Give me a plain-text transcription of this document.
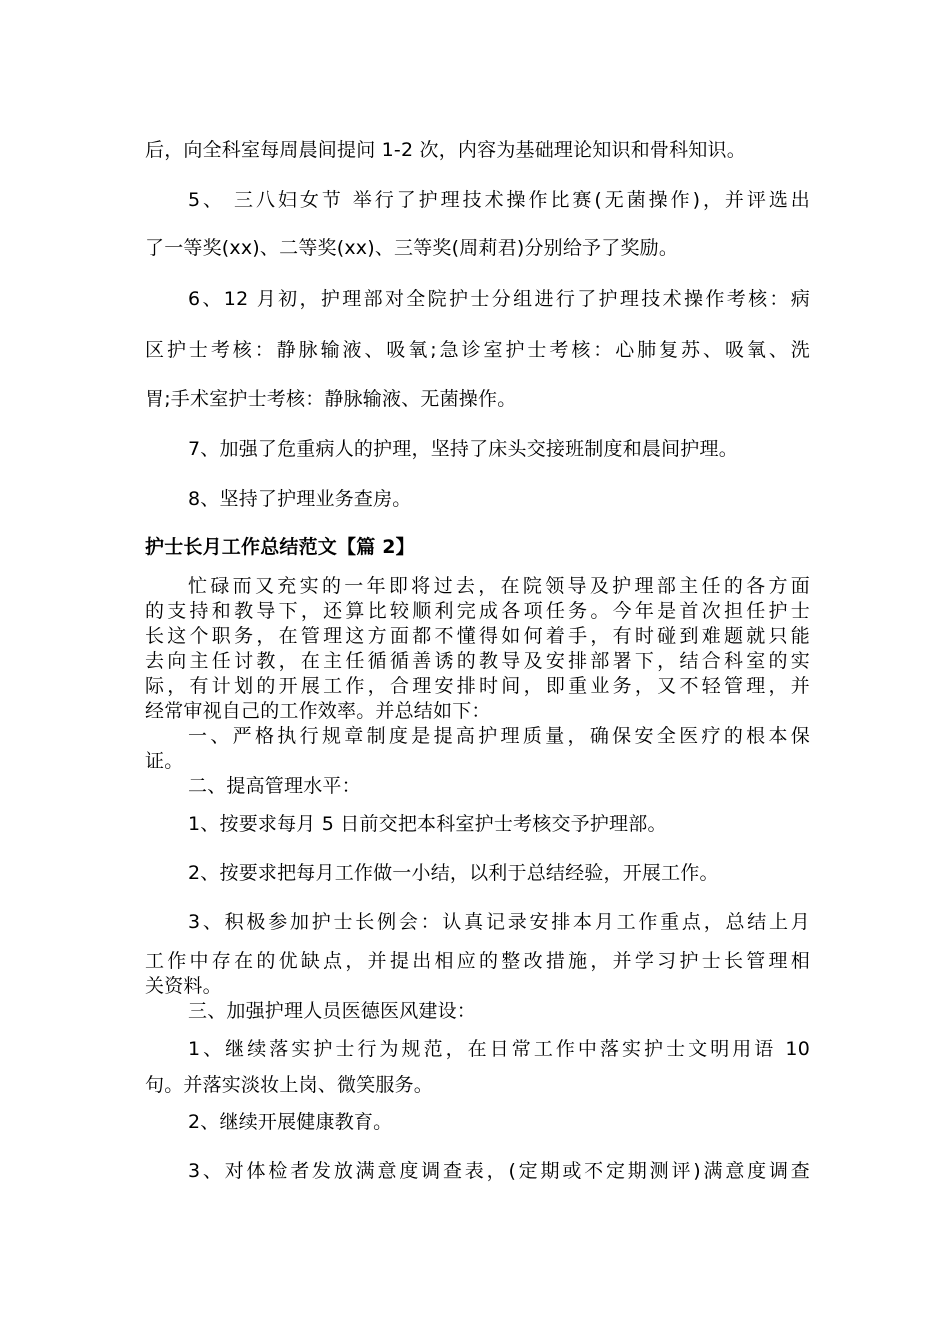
后，向全科室每周晨间提问 1-2 次，内容为基础理论知识和骨科知识。
5、 三八妇女节 举行了护理技术操作比赛(无菌操作)，并评选出
了一等奖(xx)、二等奖(xx)、三等奖(周莉君)分别给予了奖励。
6、12 月初，护理部对全院护士分组进行了护理技术操作考核：病
区护士考核：静脉输液、吸氧;急诊室护士考核：心肺复苏、吸氧、洗
胃;手术室护士考核：静脉输液、无菌操作。
7、加强了危重病人的护理，坚持了床头交接班制度和晨间护理。
8、坚持了护理业务查房。
护士长月工作总结范文【篇 2】
忙碌而又充实的一年即将过去，在院领导及护理部主任的各方面
的支持和教导下，还算比较顺利完成各项任务。今年是首次担任护士
长这个职务，在管理这方面都不懂得如何着手，有时碰到难题就只能
去向主任讨教，在主任循循善诱的教导及安排部署下，结合科室的实
际，有计划的开展工作，合理安排时间，即重业务，又不轻管理，并
经常审视自己的工作效率。并总结如下：
一、严格执行规章制度是提高护理质量，确保安全医疗的根本保
证。
二、提高管理水平：
1、按要求每月 5 日前交把本科室护士考核交予护理部。
2、按要求把每月工作做一小结，以利于总结经验，开展工作。
3、积极参加护士长例会：认真记录安排本月工作重点，总结上月
工作中存在的优缺点，并提出相应的整改措施，并学习护士长管理相
关资料。
三、加强护理人员医德医风建设：
1、继续落实护士行为规范，在日常工作中落实护士文明用语 10
句。并落实淡妆上岗、微笑服务。
2、继续开展健康教育。
3、对体检者发放满意度调查表，(定期或不定期测评)满意度调查
